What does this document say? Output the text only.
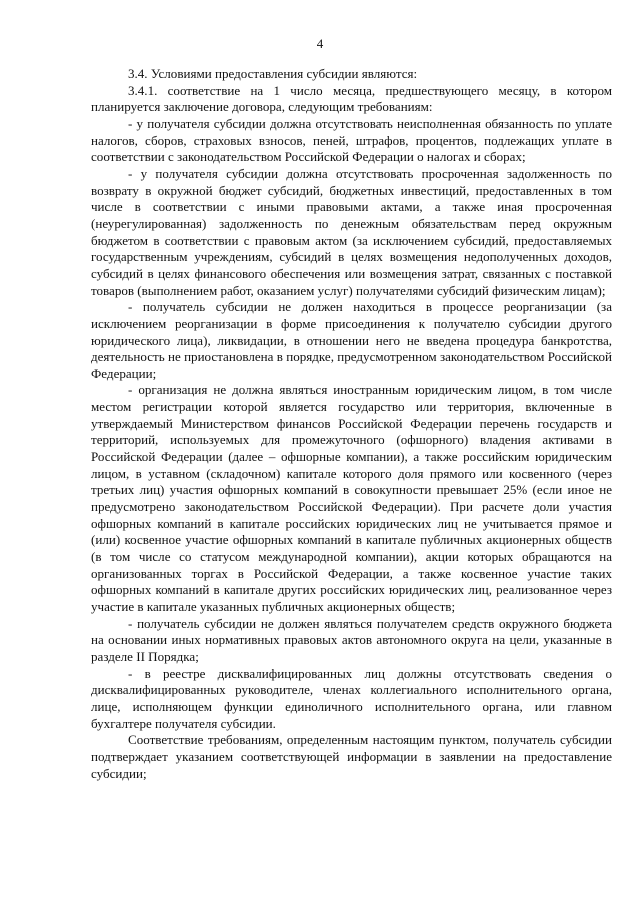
4

3.4. Условиями предоставления субсидии являются:

3.4.1. соответствие на 1 число месяца, предшествующего месяцу, в котором планируется заключение договора, следующим требованиям:

- у получателя субсидии должна отсутствовать неисполненная обязанность по уплате налогов, сборов, страховых взносов, пеней, штрафов, процентов, подлежащих уплате в соответствии с законодательством Российской Федерации о налогах и сборах;

- у получателя субсидии должна отсутствовать просроченная задолженность по возврату в окружной бюджет субсидий, бюджетных инвестиций, предоставленных в том числе в соответствии с иными правовыми актами, а также иная просроченная (неурегулированная) задолженность по денежным обязательствам перед окружным бюджетом в соответствии с правовым актом (за исключением субсидий, предоставляемых государственным учреждениям, субсидий в целях возмещения недополученных доходов, субсидий в целях финансового обеспечения или возмещения затрат, связанных с поставкой товаров (выполнением работ, оказанием услуг) получателями субсидий физическим лицам);

- получатель субсидии не должен находиться в процессе реорганизации (за исключением реорганизации в форме присоединения к получателю субсидии другого юридического лица), ликвидации, в отношении него не введена процедура банкротства, деятельность не приостановлена в порядке, предусмотренном законодательством Российской Федерации;

- организация не должна являться иностранным юридическим лицом, в том числе местом регистрации которой является государство или территория, включенные в утверждаемый Министерством финансов Российской Федерации перечень государств и территорий, используемых для промежуточного (офшорного) владения активами в Российской Федерации (далее – офшорные компании), а также российским юридическим лицом, в уставном (складочном) капитале которого доля прямого или косвенного (через третьих лиц) участия офшорных компаний в совокупности превышает 25% (если иное не предусмотрено законодательством Российской Федерации). При расчете доли участия офшорных компаний в капитале российских юридических лиц не учитывается прямое и (или) косвенное участие офшорных компаний в капитале публичных акционерных обществ (в том числе со статусом международной компании), акции которых обращаются на организованных торгах в Российской Федерации, а также косвенное участие таких офшорных компаний в капитале других российских юридических лиц, реализованное через участие в капитале указанных публичных акционерных обществ;

- получатель субсидии не должен являться получателем средств окружного бюджета на основании иных нормативных правовых актов автономного округа на цели, указанные в разделе II Порядка;

- в реестре дисквалифицированных лиц должны отсутствовать сведения о дисквалифицированных руководителе, членах коллегиального исполнительного органа, лице, исполняющем функции единоличного исполнительного органа, или главном бухгалтере получателя субсидии.

Соответствие требованиям, определенным настоящим пунктом, получатель субсидии подтверждает указанием соответствующей информации в заявлении на предоставление субсидии;
